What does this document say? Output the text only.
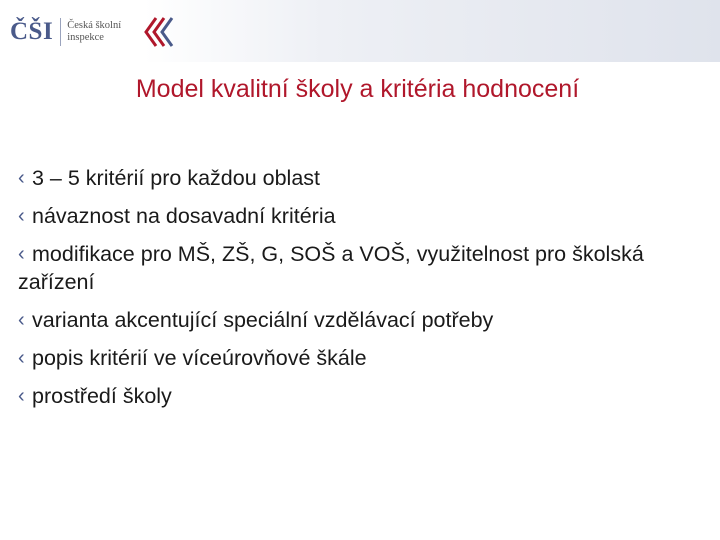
ČŠI Česká školní
inspekce
Model kvalitní školy a kritéria hodnocení
‹ 3 – 5 kritérií pro každou oblast
‹ návaznost na dosavadní kritéria
‹ modifikace pro MŠ, ZŠ, G, SOŠ a VOŠ, využitelnost pro školská zařízení
‹ varianta akcentující speciální vzdělávací potřeby
‹ popis kritérií ve víceúrovňové škále
‹ prostředí školy
